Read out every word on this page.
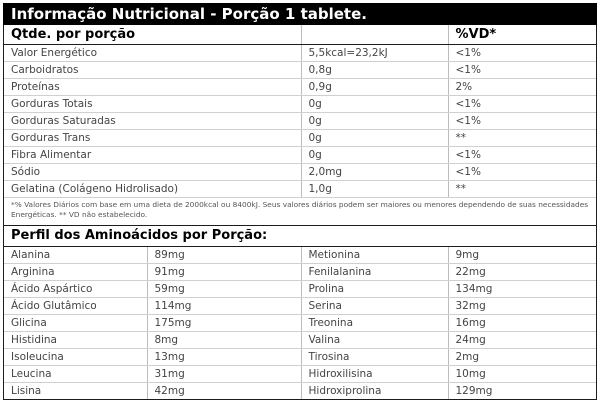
Informação Nutricional - Porção 1 tablete.
Qtde. por porção		%VD*
Valor Energético	5,5kcal=23,2kJ	<1%
Carboidratos	0,8g	<1%
Proteínas	0,9g	2%
Gorduras Totais	0g	<1%
Gorduras Saturadas	0g	<1%
Gorduras Trans	0g	**
Fibra Alimentar	0g	<1%
Sódio	2,0mg	<1%
Gelatina (Colágeno Hidrolisado)	1,0g	**
*% Valores Diários com base em uma dieta de 2000kcal ou 8400kJ. Seus valores diários podem ser maiores ou menores dependendo de suas necessidades Energéticas. ** VD não estabelecido.
Perfil dos Aminoácidos por Porção:
Alanina	89mg	Metionina	9mg
Arginina	91mg	Fenilalanina	22mg
Ácido Aspártico	59mg	Prolina	134mg
Ácido Glutâmico	114mg	Serina	32mg
Glicina	175mg	Treonina	16mg
Histidina	8mg	Valina	24mg
Isoleucina	13mg	Tirosina	2mg
Leucina	31mg	Hidroxilisina	10mg
Lisina	42mg	Hidroxiprolina	129mg
